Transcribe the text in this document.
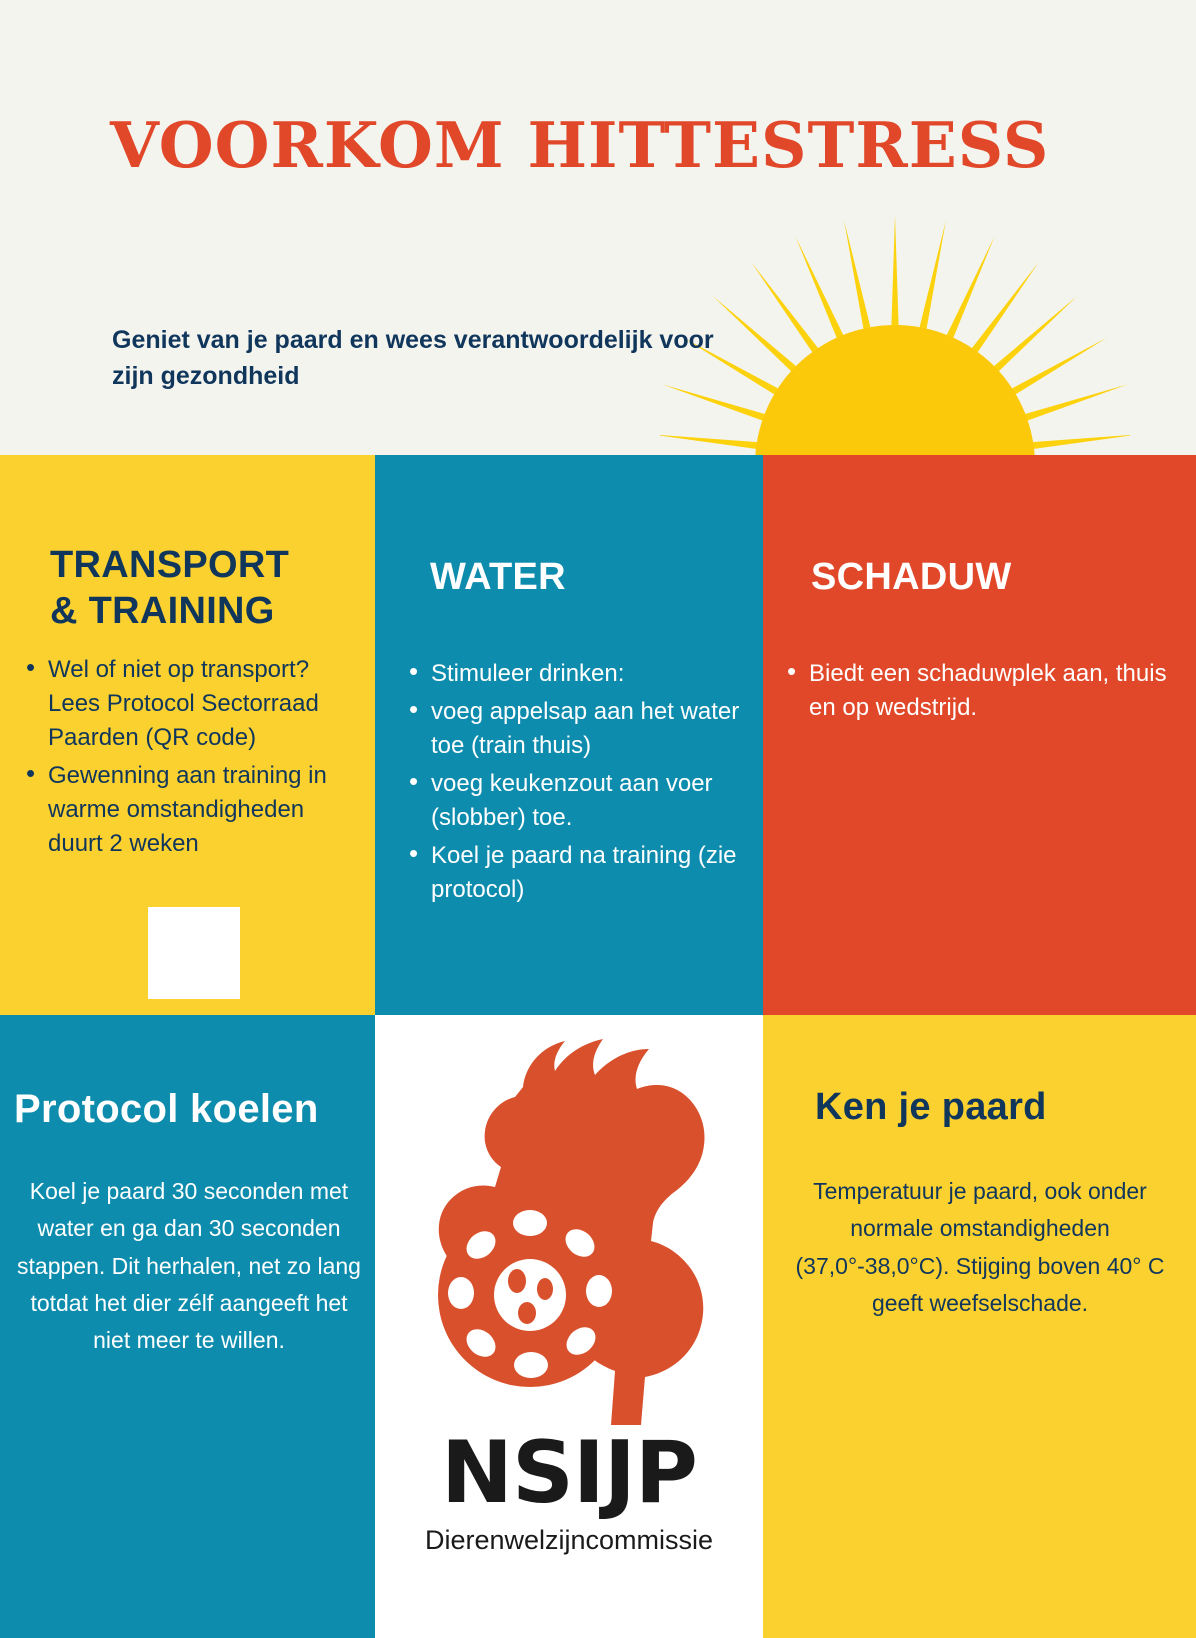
VOORKOM HITTESTRESS
Geniet van je paard en wees verantwoordelijk voor zijn gezondheid
TRANSPORT
& TRAINING
• Wel of niet op transport? Lees Protocol Sectorraad Paarden (QR code)
• Gewenning aan training in warme omstandigheden duurt 2 weken
WATER
• Stimuleer drinken:
• voeg appelsap aan het water toe (train thuis)
• voeg keukenzout aan voer (slobber) toe.
• Koel je paard na training (zie protocol)
SCHADUW
• Biedt een schaduwplek aan, thuis en op wedstrijd.
Protocol koelen
Koel je paard 30 seconden met water en ga dan 30 seconden stappen. Dit herhalen, net zo lang totdat het dier zélf aangeeft het niet meer te willen.
NSIJP
Dierenwelzijncommissie
Ken je paard
Temperatuur je paard, ook onder normale omstandigheden (37,0°-38,0°C). Stijging boven 40° C geeft weefselschade.
